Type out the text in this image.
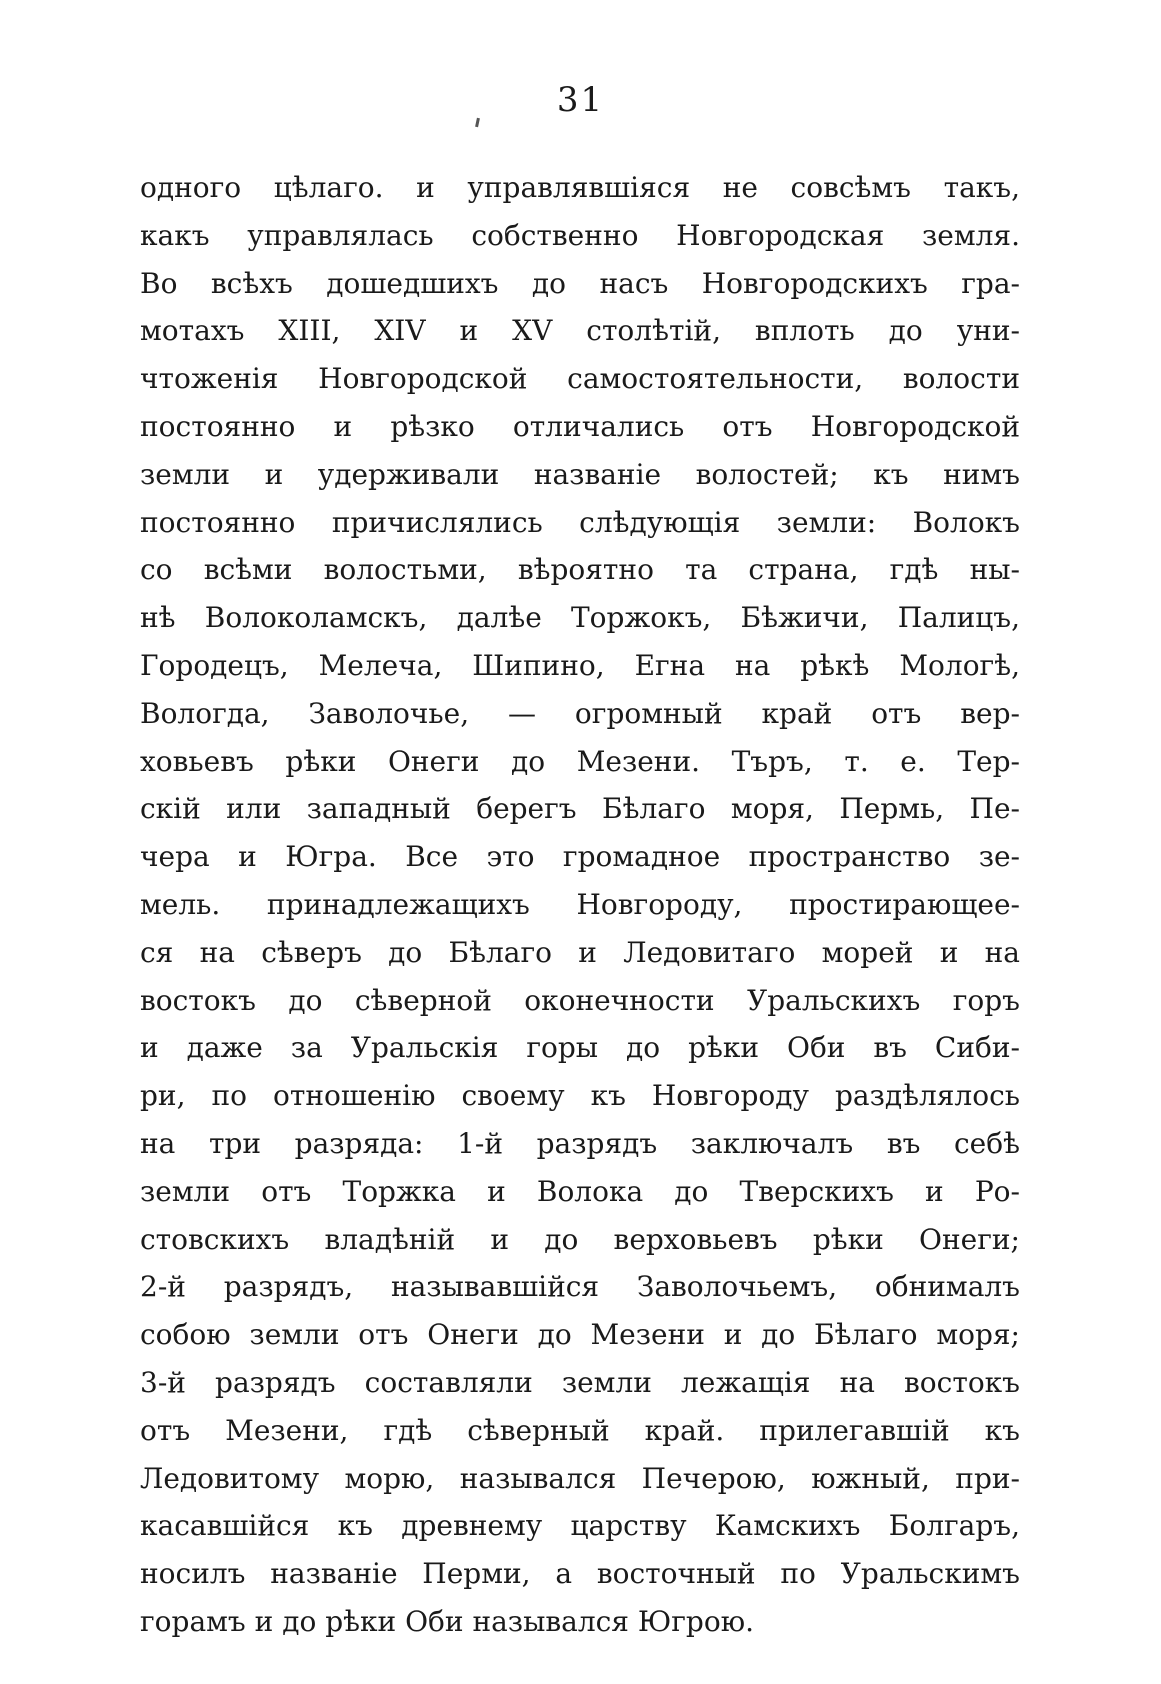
31
одного цѣлаго. и управлявшіяся не совсѣмъ такъ,
какъ управлялась собственно Новгородская земля.
Во всѣхъ дошедшихъ до насъ Новгородскихъ гра-
мотахъ XIII, XIV и XV столѣтій, вплоть до уни-
чтоженія Новгородской самостоятельности, волости
постоянно и рѣзко отличались отъ Новгородской
земли и удерживали названіе волостей; къ нимъ
постоянно причислялись слѣдующія земли: Волокъ
со всѣми волостьми, вѣроятно та страна, гдѣ ны-
нѣ Волоколамскъ, далѣе Торжокъ, Бѣжичи, Палицъ,
Городецъ, Мелеча, Шипино, Егна на рѣкѣ Мологѣ,
Вологда, Заволочье, — огромный край отъ вер-
ховьевъ рѣки Онеги до Мезени. Търъ, т. е. Тер-
скій или западный берегъ Бѣлаго моря, Пермь, Пе-
чера и Югра. Все это громадное пространство зе-
мель. принадлежащихъ Новгороду, простирающее-
ся на сѣверъ до Бѣлаго и Ледовитаго морей и на
востокъ до сѣверной оконечности Уральскихъ горъ
и даже за Уральскія горы до рѣки Оби въ Сиби-
ри, по отношенію своему къ Новгороду раздѣлялось
на три разряда: 1-й разрядъ заключалъ въ себѣ
земли отъ Торжка и Волока до Тверскихъ и Ро-
стовскихъ владѣній и до верховьевъ рѣки Онеги;
2-й разрядъ, называвшійся Заволочьемъ, обнималъ
собою земли отъ Онеги до Мезени и до Бѣлаго моря;
3-й разрядъ составляли земли лежащія на востокъ
отъ Мезени, гдѣ сѣверный край. прилегавшій къ
Ледовитому морю, назывался Печерою, южный, при-
касавшійся къ древнему царству Камскихъ Болгаръ,
носилъ названіе Перми, а восточный по Уральскимъ
горамъ и до рѣки Оби назывался Югрою.
